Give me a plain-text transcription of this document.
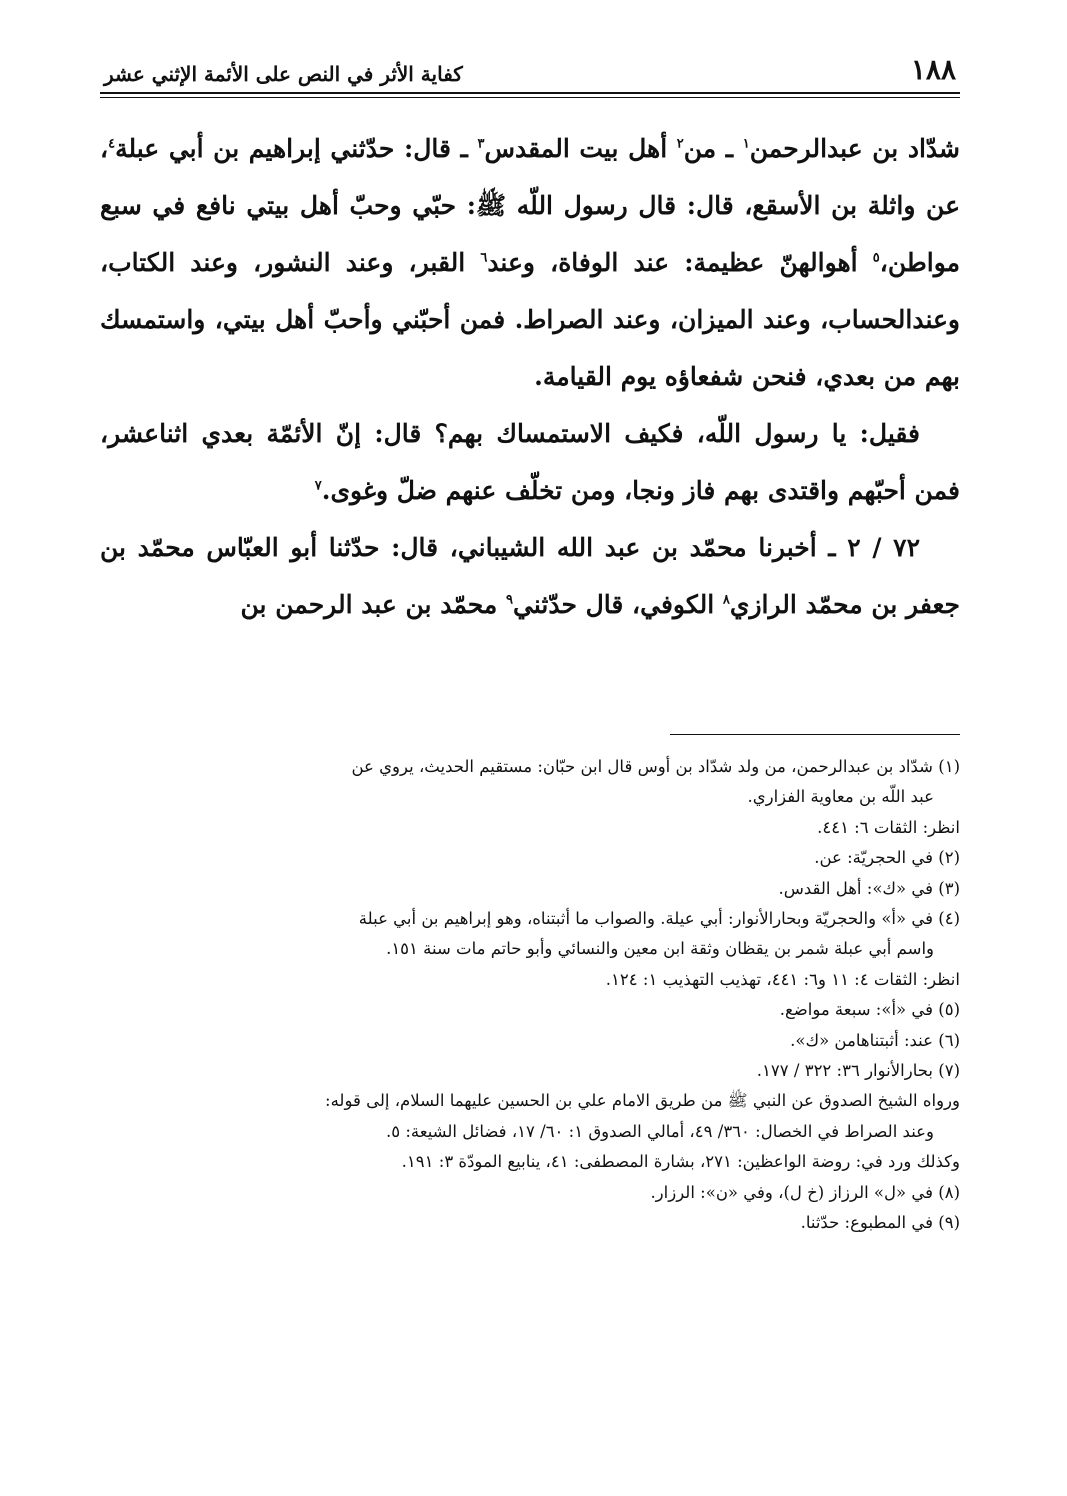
١٨٨
كفاية الأثر في النص على الأئمة الإثني عشر

شدّاد بن عبدالرحمن$^١$ ـ من$^٢$ أهل بيت المقدس$^٣$ ـ قال: حدّثني إبراهيم بن أبي عبلة$^٤$، عن واثلة بن الأسقع، قال: قال رسول اللّه ﷺ: حبّي وحبّ أهل بيتي نافع في سبع مواطن،$^٥$ أهوالهنّ عظيمة: عند الوفاة، وعند$^٦$ القبر، وعند النشور، وعند الكتاب، وعندالحساب، وعند الميزان، وعند الصراط. فمن أحبّني وأحبّ أهل بيتي، واستمسك بهم من بعدي، فنحن شفعاؤه يوم القيامة.

فقيل: يا رسول اللّه، فكيف الاستمساك بهم؟ قال: إنّ الأئمّة بعدي اثناعشر، فمن أحبّهم واقتدى بهم فاز ونجا، ومن تخلّف عنهم ضلّ وغوى.$^٧$

٧٢ / ٢ ـ أخبرنا محمّد بن عبد الله الشيباني، قال: حدّثنا أبو العبّاس محمّد بن جعفر بن محمّد الرازي$^٨$ الكوفي، قال حدّثني$^٩$ محمّد بن عبد الرحمن بن

(١) شدّاد بن عبدالرحمن، من ولد شدّاد بن أوس قال ابن حبّان: مستقيم الحديث، يروي عن

عبد اللّه بن معاوية الفزاري.

انظر: الثقات ٦: ٤٤١.

(٢) في الحجريّة: عن.

(٣) في «ك»: أهل القدس.

(٤) في «أ» والحجريّة وبحارالأنوار: أبي عيلة. والصواب ما أثبتناه، وهو إبراهيم بن أبي عبلة

واسم أبي عبلة شمر بن يقظان وثقة ابن معين والنسائي وأبو حاتم مات سنة ١٥١.

انظر: الثقات ٤: ١١ و٦: ٤٤١، تهذيب التهذيب ١: ١٢٤.

(٥) في «أ»: سبعة مواضع.

(٦) عند: أثبتناهامن «ك».

(٧) بحارالأنوار ٣٦: ٣٢٢ / ١٧٧.

ورواه الشيخ الصدوق عن النبي ﷺ من طريق الامام علي بن الحسين عليهما السلام، إلى قوله:

وعند الصراط في الخصال: ٣٦٠/ ٤٩، أمالي الصدوق ١: ٦٠/ ١٧، فضائل الشيعة: ٥.

وكذلك ورد في: روضة الواعظين: ٢٧١، بشارة المصطفى: ٤١، ينابيع المودّة ٣: ١٩١.

(٨) في «ل» الرزاز (خ ل)، وفي «ن»: الرزار.

(٩) في المطبوع: حدّثنا.
